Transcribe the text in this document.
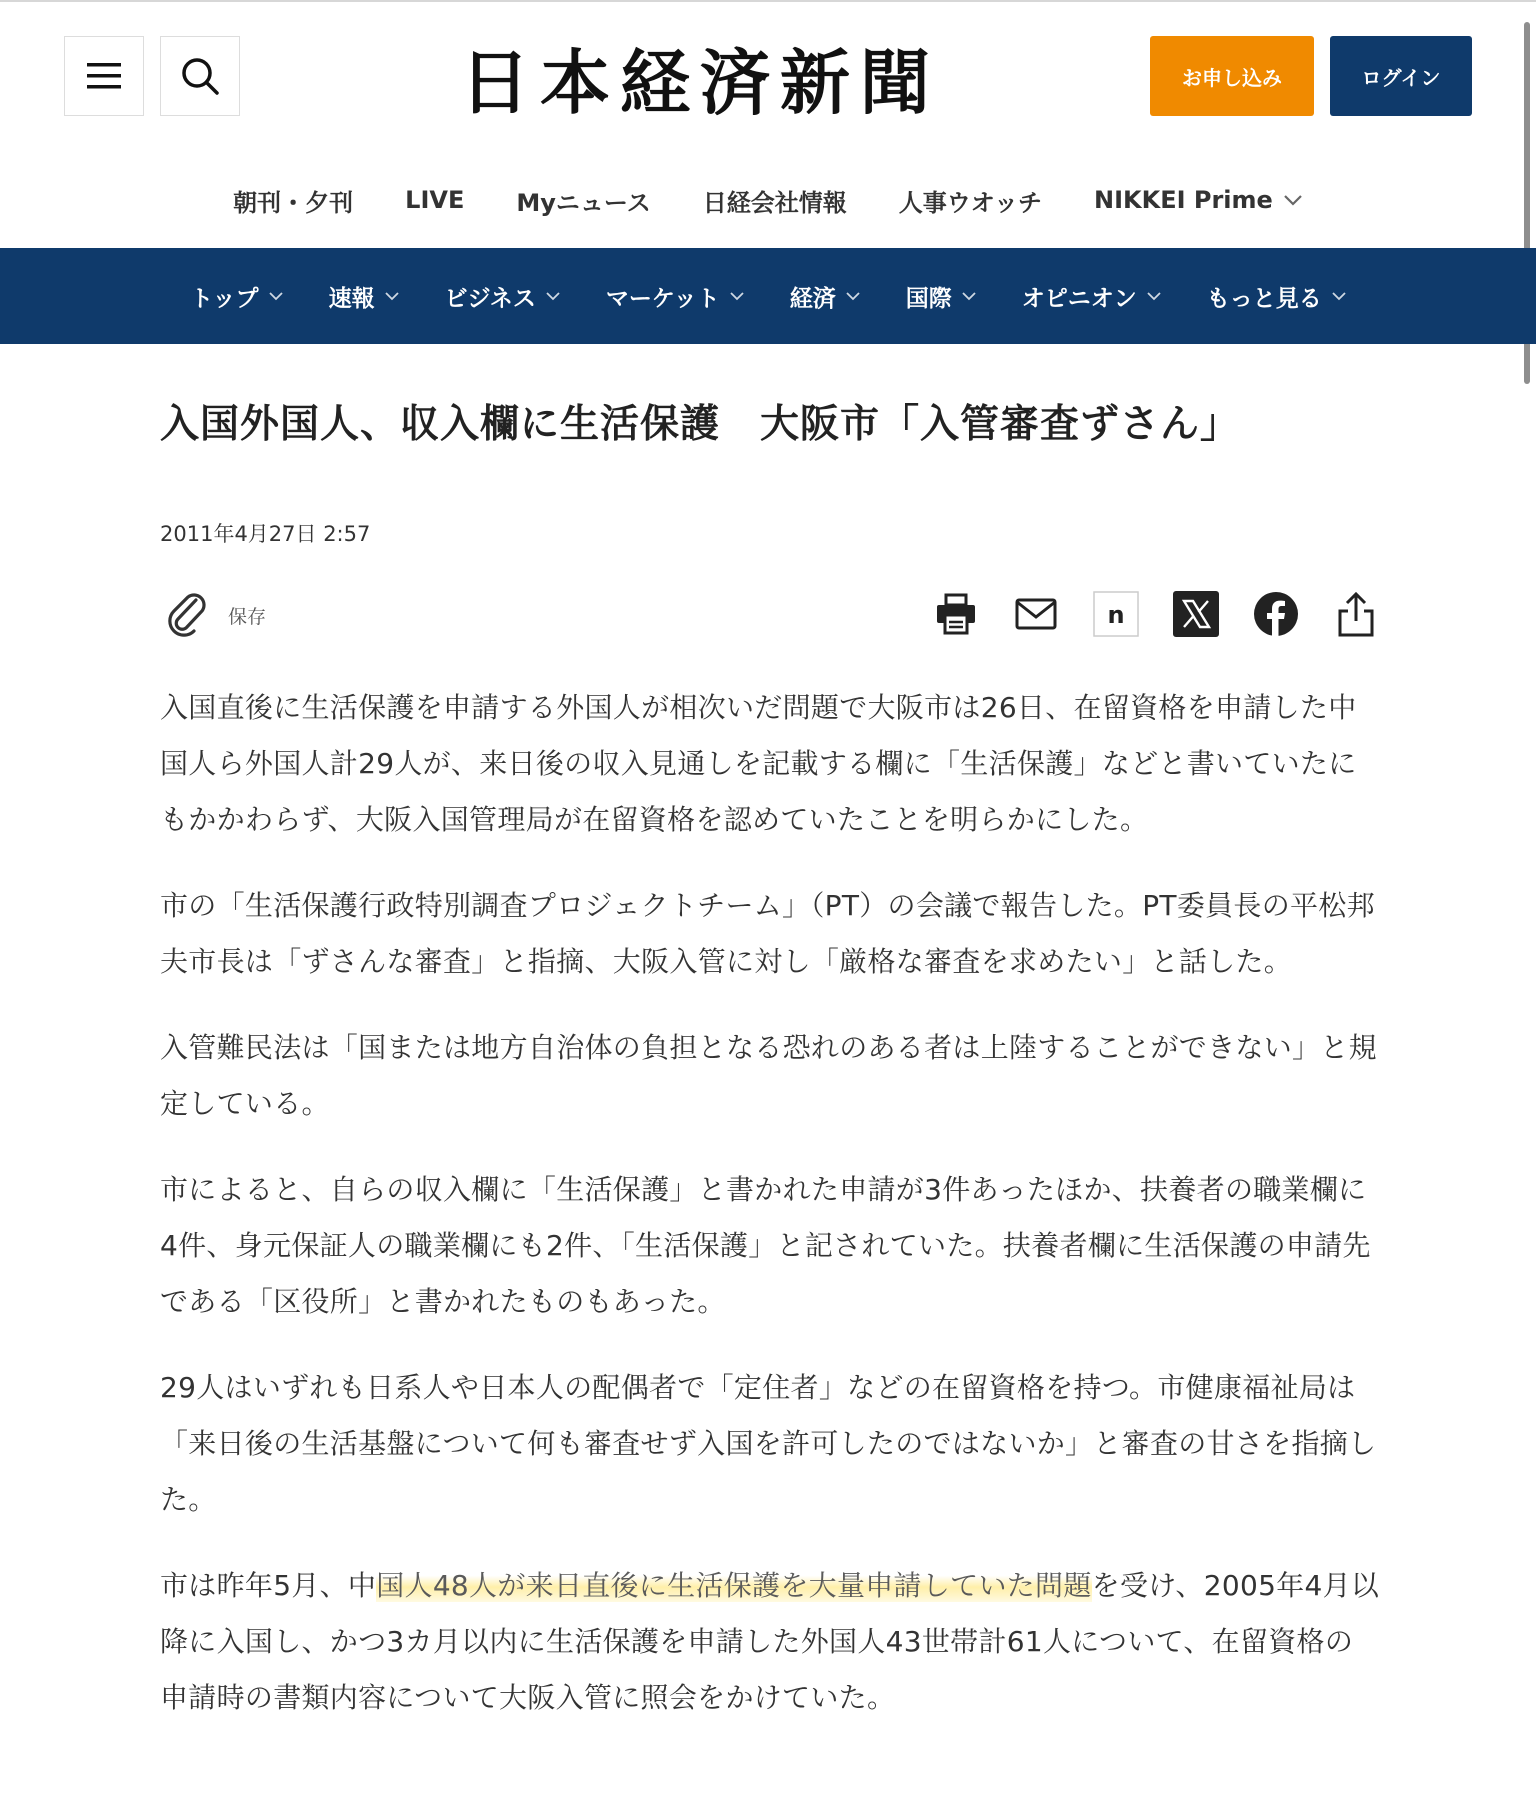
日本経済新聞	お申し込み	ログイン
朝刊・夕刊 LIVE Myニュース 日経会社情報 人事ウオッチ NIKKEI Prime
トップ	速報	ビジネス	マーケット	経済	国際	オピニオン	もっと見る
入国外国人、収入欄に生活保護　大阪市「入管審査ずさん」
2011年4月27日 2:57
保存	n

入国直後に生活保護を申請する外国人が相次いだ問題で大阪市は26日、在留資格を申請した中国人ら外国人計29人が、来日後の収入見通しを記載する欄に「生活保護」などと書いていたにもかかわらず、大阪入国管理局が在留資格を認めていたことを明らかにした。

市の「生活保護行政特別調査プロジェクトチーム」（PT）の会議で報告した。PT委員長の平松邦夫市長は「ずさんな審査」と指摘、大阪入管に対し「厳格な審査を求めたい」と話した。

入管難民法は「国または地方自治体の負担となる恐れのある者は上陸することができない」と規定している。

市によると、自らの収入欄に「生活保護」と書かれた申請が3件あったほか、扶養者の職業欄に4件、身元保証人の職業欄にも2件、「生活保護」と記されていた。扶養者欄に生活保護の申請先である「区役所」と書かれたものもあった。

29人はいずれも日系人や日本人の配偶者で「定住者」などの在留資格を持つ。市健康福祉局は「来日後の生活基盤について何も審査せず入国を許可したのではないか」と審査の甘さを指摘した。

市は昨年5月、中国人48人が来日直後に生活保護を大量申請していた問題を受け、2005年4月以降に入国し、かつ3カ月以内に生活保護を申請した外国人43世帯計61人について、在留資格の申請時の書類内容について大阪入管に照会をかけていた。
